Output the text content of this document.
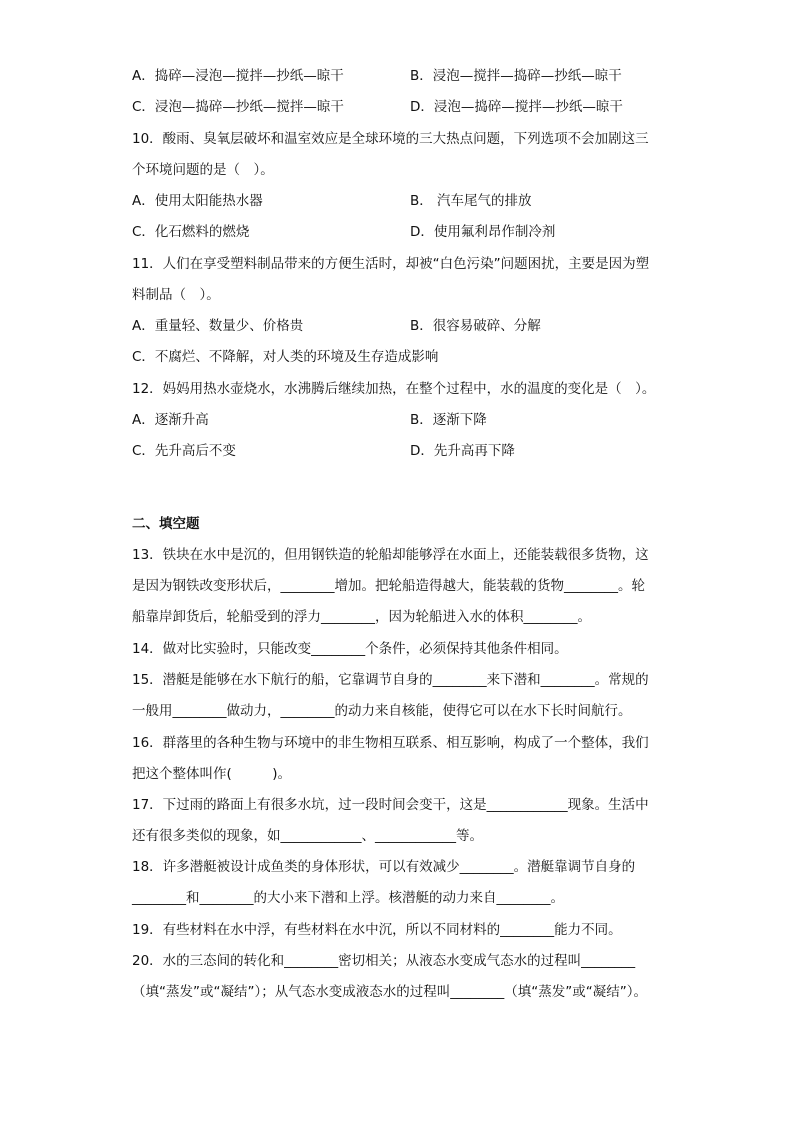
A．捣碎—浸泡—搅拌—抄纸—晾干	B．浸泡—搅拌—捣碎—抄纸—晾干
C．浸泡—捣碎—抄纸—搅拌—晾干	D．浸泡—捣碎—搅拌—抄纸—晾干
10．酸雨、臭氧层破坏和温室效应是全球环境的三大热点问题，下列选项不会加剧这三
个环境问题的是（　）。
A．使用太阳能热水器	B． 汽车尾气的排放
C．化石燃料的燃烧	D．使用氟利昂作制冷剂
11．人们在享受塑料制品带来的方便生活时，却被“白色污染”问题困扰，主要是因为塑
料制品（　）。
A．重量轻、数量少、价格贵	B．很容易破碎、分解
C．不腐烂、不降解，对人类的环境及生存造成影响
12．妈妈用热水壶烧水，水沸腾后继续加热，在整个过程中，水的温度的变化是（　）。
A．逐渐升高	B．逐渐下降
C．先升高后不变	D．先升高再下降
二、填空题
13．铁块在水中是沉的，但用钢铁造的轮船却能够浮在水面上，还能装载很多货物，这
是因为钢铁改变形状后，________增加。把轮船造得越大，能装载的货物________。轮
船靠岸卸货后，轮船受到的浮力________，因为轮船进入水的体积________。
14．做对比实验时，只能改变________个条件，必须保持其他条件相同。
15．潜艇是能够在水下航行的船，它靠调节自身的________来下潜和________。常规的
一般用________做动力，________的动力来自核能，使得它可以在水下长时间航行。
16．群落里的各种生物与环境中的非生物相互联系、相互影响，构成了一个整体，我们
把这个整体叫作(　　　)。
17．下过雨的路面上有很多水坑，过一段时间会变干，这是____________现象。生活中
还有很多类似的现象，如____________、____________等。
18．许多潜艇被设计成鱼类的身体形状，可以有效减少________。潜艇靠调节自身的
________和________的大小来下潜和上浮。核潜艇的动力来自________。
19．有些材料在水中浮，有些材料在水中沉，所以不同材料的________能力不同。
20．水的三态间的转化和________密切相关；从液态水变成气态水的过程叫________
（填“蒸发”或“凝结”）；从气态水变成液态水的过程叫________（填“蒸发”或“凝结”）。
